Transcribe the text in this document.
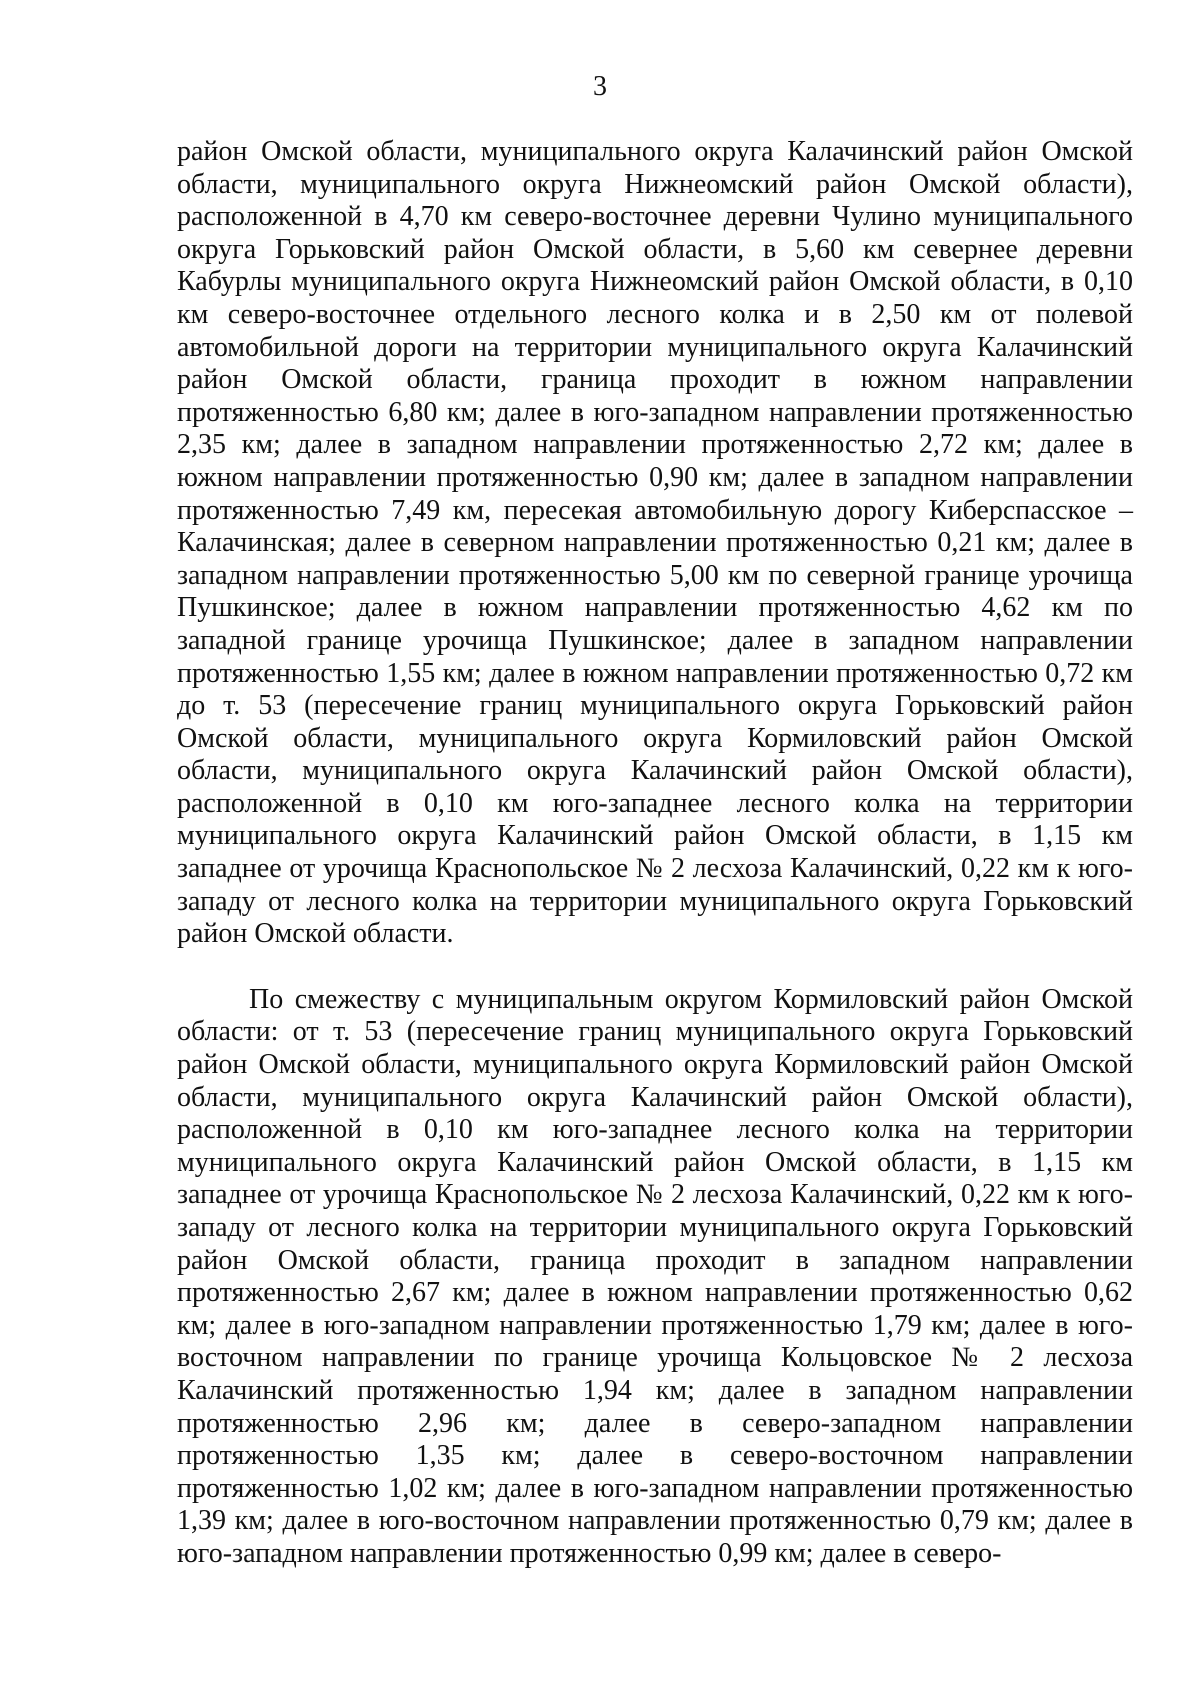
3

район Омской области, муниципального округа Калачинский район Омской области, муниципального округа Нижнеомский район Омской области), расположенной в 4,70 км северо-восточнее деревни Чулино муниципального округа Горьковский район Омской области, в 5,60 км севернее деревни Кабурлы муниципального округа Нижнеомский район Омской области, в 0,10 км северо-восточнее отдельного лесного колка и в 2,50 км от полевой автомобильной дороги на территории муниципального округа Калачинский район Омской области, граница проходит в южном направлении протяженностью 6,80 км; далее в юго-западном направлении протяженностью 2,35 км; далее в западном направлении протяженностью 2,72 км; далее в южном направлении протяженностью 0,90 км; далее в западном направлении протяженностью 7,49 км, пересекая автомобильную дорогу Киберспасское – Калачинская; далее в северном направлении протяженностью 0,21 км; далее в западном направлении протяженностью 5,00 км по северной границе урочища Пушкинское; далее в южном направлении протяженностью 4,62 км по западной границе урочища Пушкинское; далее в западном направлении протяженностью 1,55 км; далее в южном направлении протяженностью 0,72 км до т. 53 (пересечение границ муниципального округа Горьковский район Омской области, муниципального округа Кормиловский район Омской области, муниципального округа Калачинский район Омской области), расположенной в 0,10 км юго-западнее лесного колка на территории муниципального округа Калачинский район Омской области, в 1,15 км западнее от урочища Краснопольское № 2 лесхоза Калачинский, 0,22 км к юго-западу от лесного колка на территории муниципального округа Горьковский район Омской области.

По смежеству с муниципальным округом Кормиловский район Омской области: от т. 53 (пересечение границ муниципального округа Горьковский район Омской области, муниципального округа Кормиловский район Омской области, муниципального округа Калачинский район Омской области), расположенной в 0,10 км юго-западнее лесного колка на территории муниципального округа Калачинский район Омской области, в 1,15 км западнее от урочища Краснопольское № 2 лесхоза Калачинский, 0,22 км к юго-западу от лесного колка на территории муниципального округа Горьковский район Омской области, граница проходит в западном направлении протяженностью 2,67 км; далее в южном направлении протяженностью 0,62 км; далее в юго-западном направлении протяженностью 1,79 км; далее в юго-восточном направлении по границе урочища Кольцовское № 2 лесхоза Калачинский протяженностью 1,94 км; далее в западном направлении протяженностью 2,96 км; далее в северо-западном направлении протяженностью 1,35 км; далее в северо-восточном направлении протяженностью 1,02 км; далее в юго-западном направлении протяженностью 1,39 км; далее в юго-восточном направлении протяженностью 0,79 км; далее в юго-западном направлении протяженностью 0,99 км; далее в северо-
